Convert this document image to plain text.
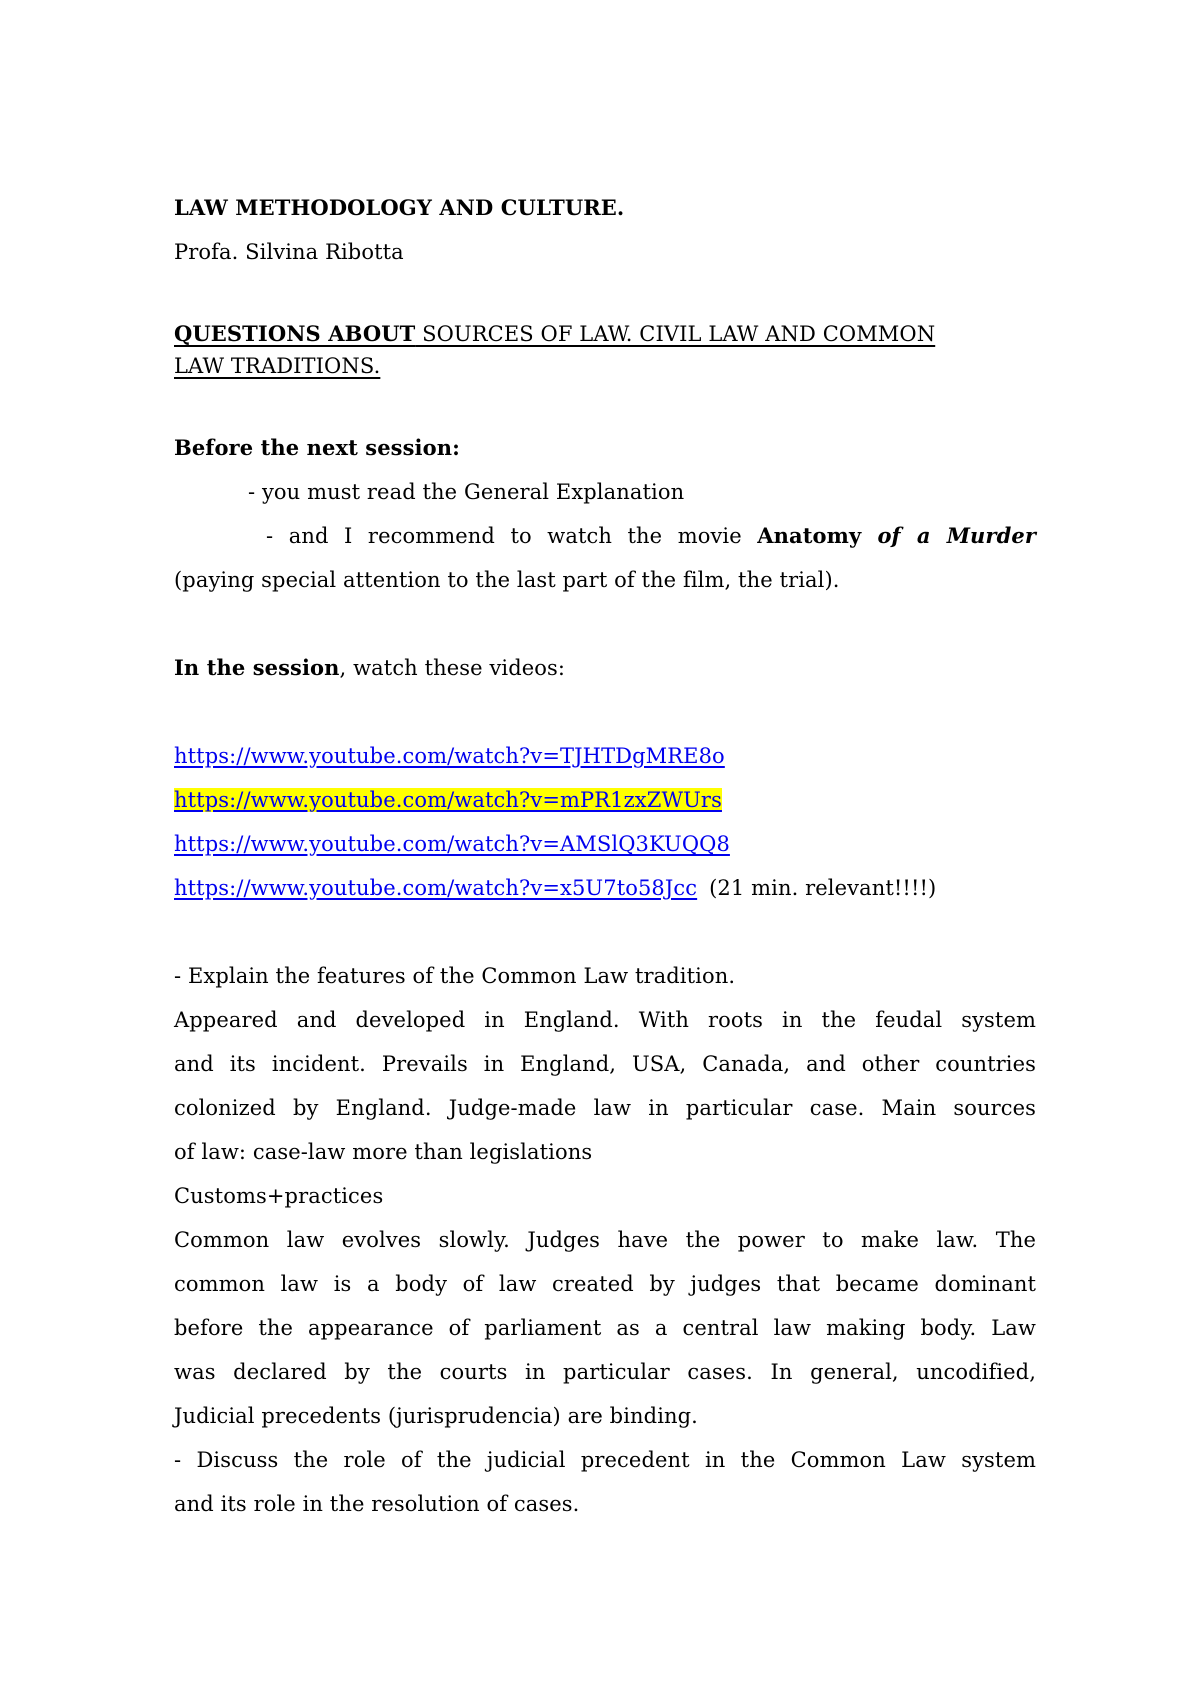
LAW METHODOLOGY AND CULTURE.
Profa. Silvina Ribotta
QUESTIONS ABOUT SOURCES OF LAW. CIVIL LAW AND COMMON
LAW TRADITIONS.
Before the next session:
- you must read the General Explanation
- and I recommend to watch the movie Anatomy of a Murder
(paying special attention to the last part of the film, the trial).
In the session, watch these videos:
https://www.youtube.com/watch?v=TJHTDgMRE8o
https://www.youtube.com/watch?v=mPR1zxZWUrs
https://www.youtube.com/watch?v=AMSlQ3KUQQ8
https://www.youtube.com/watch?v=x5U7to58Jcc (21 min. relevant!!!!)
- Explain the features of the Common Law tradition.
Appeared and developed in England. With roots in the feudal system
and its incident. Prevails in England, USA, Canada, and other countries
colonized by England. Judge-made law in particular case. Main sources
of law: case-law more than legislations
Customs+practices
Common law evolves slowly. Judges have the power to make law. The
common law is a body of law created by judges that became dominant
before the appearance of parliament as a central law making body. Law
was declared by the courts in particular cases. In general, uncodified,
Judicial precedents (jurisprudencia) are binding.
- Discuss the role of the judicial precedent in the Common Law system
and its role in the resolution of cases.
